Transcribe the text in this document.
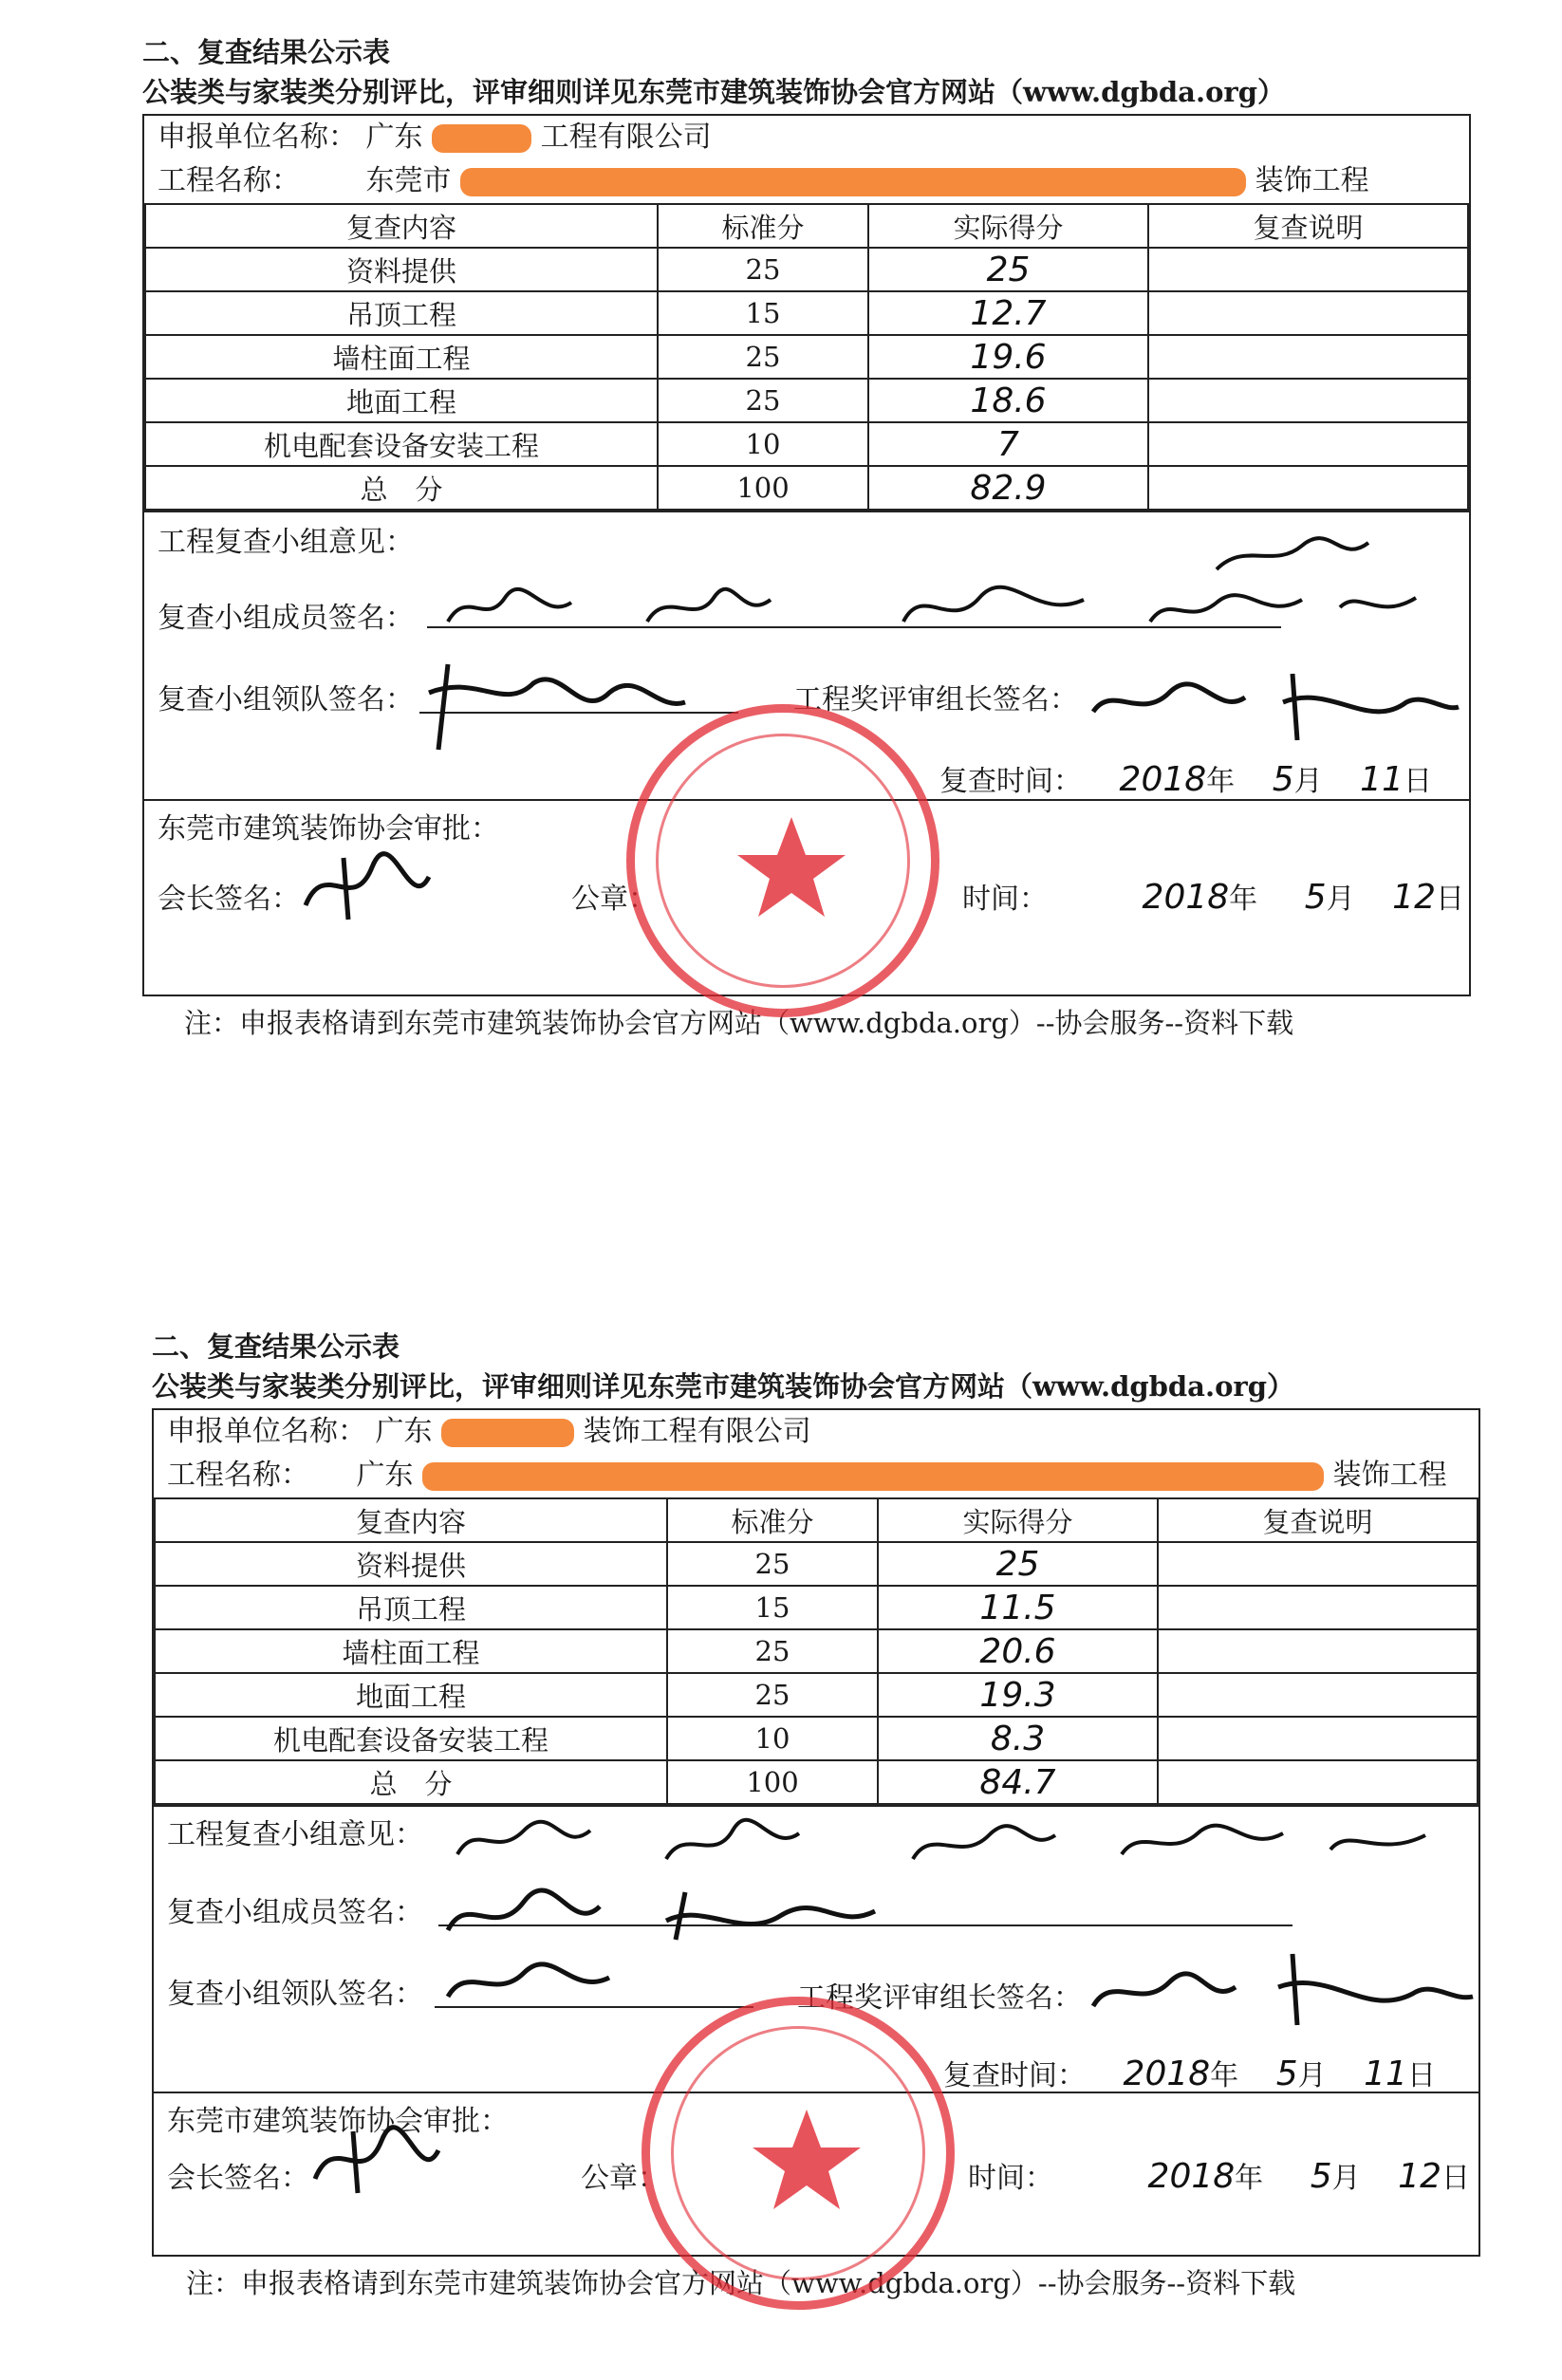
二、复查结果公示表
公装类与家装类分别评比，评审细则详见东莞市建筑装饰协会官方网站（www.dgbda.org）
申报单位名称： 广东	工程有限公司
工程名称： 东莞市	装饰工程
复查内容	标准分	实际得分	复查说明
资料提供	25	25	
吊顶工程	15	12.7	
墙柱面工程	25	19.6	
地面工程	25	18.6	
机电配套设备安装工程	10	7	
总　分	100	82.9	
工程复查小组意见：
复查小组成员签名：
复查小组领队签名：	工程奖评审组长签名：
复查时间： 2018年 5月 11日
东莞市建筑装饰协会审批：
会长签名：	公章：	时间：	2018年 5月 12日
注：申报表格请到东莞市建筑装饰协会官方网站（www.dgbda.org）--协会服务--资料下载
二、复查结果公示表
公装类与家装类分别评比，评审细则详见东莞市建筑装饰协会官方网站（www.dgbda.org）
申报单位名称： 广东	装饰工程有限公司
工程名称： 广东	装饰工程
复查内容	标准分	实际得分	复查说明
资料提供	25	25	
吊顶工程	15	11.5	
墙柱面工程	25	20.6	
地面工程	25	19.3	
机电配套设备安装工程	10	8.3	
总　分	100	84.7	
工程复查小组意见：
复查小组成员签名：
复查小组领队签名：	工程奖评审组长签名：
复查时间： 2018年 5月 11日
东莞市建筑装饰协会审批：
会长签名：	公章：	时间：	2018年 5月 12日
注：申报表格请到东莞市建筑装饰协会官方网站（www.dgbda.org）--协会服务--资料下载
